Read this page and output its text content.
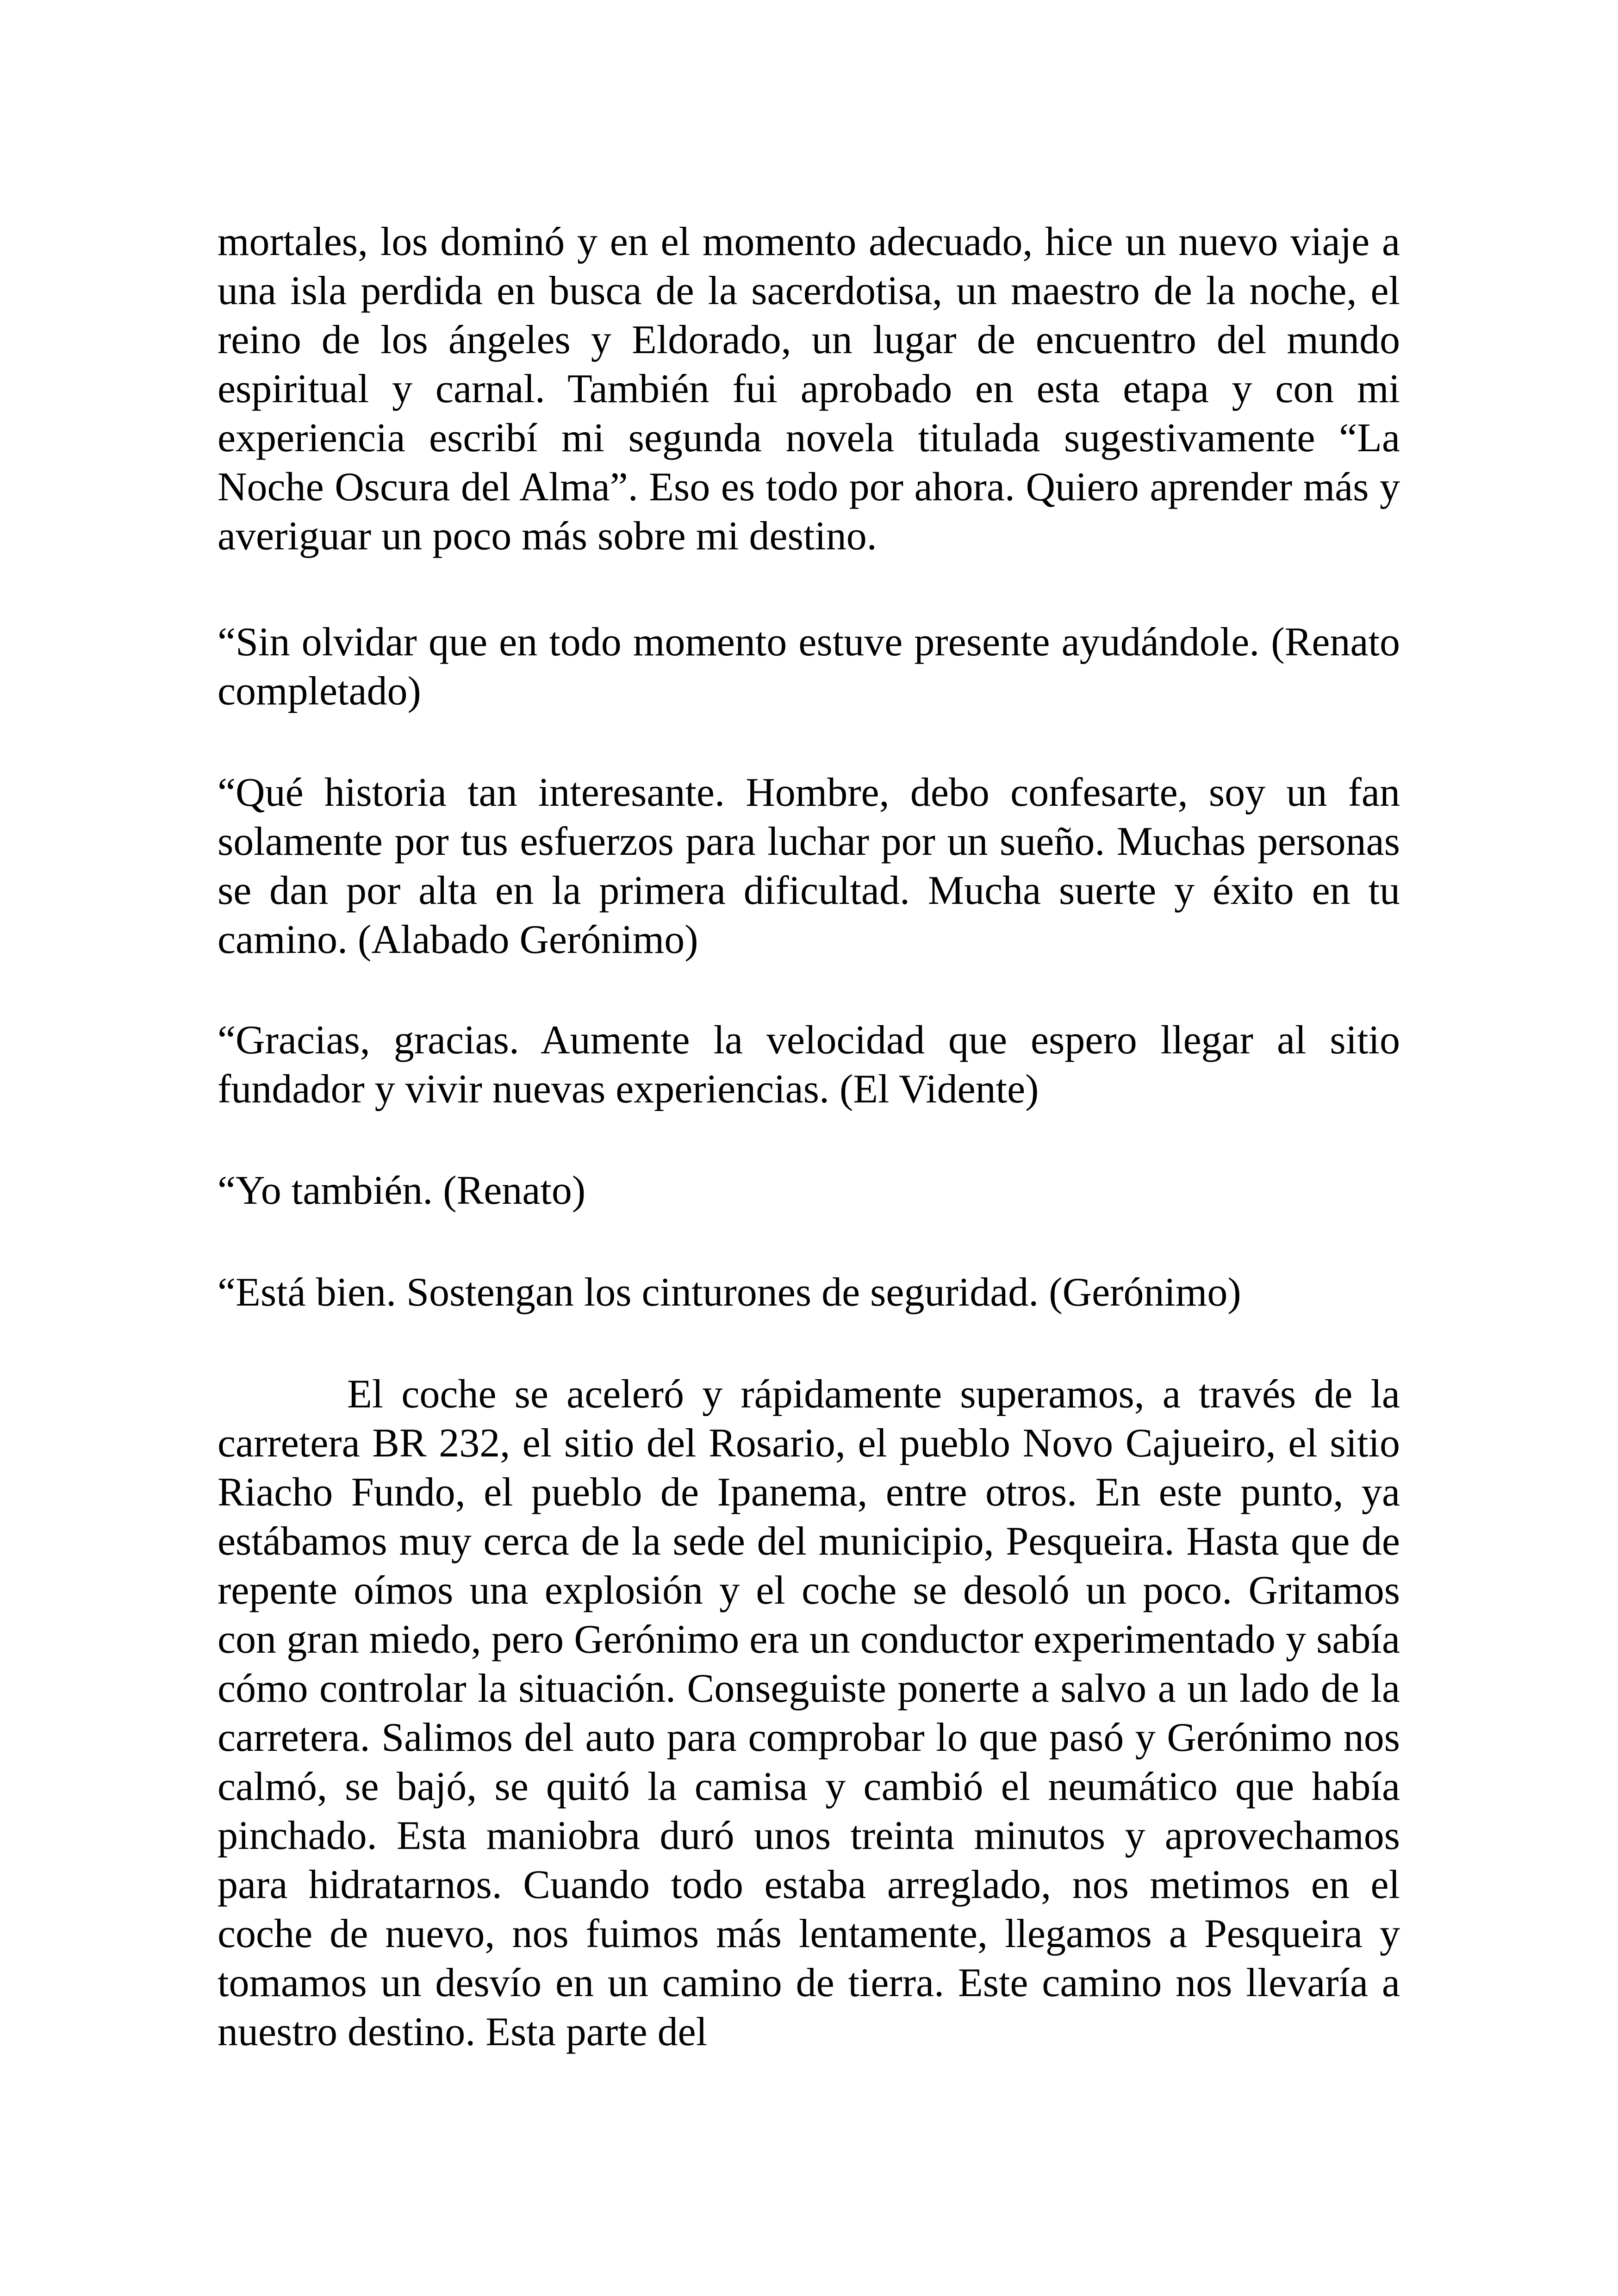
mortales, los dominó y en el momento adecuado, hice un nuevo viaje a una isla perdida en busca de la sacerdotisa, un maestro de la noche, el reino de los ángeles y Eldorado, un lugar de encuentro del mundo espiritual y carnal. También fui aprobado en esta etapa y con mi experiencia escribí mi segunda novela titulada sugestivamente “La Noche Oscura del Alma”. Eso es todo por ahora. Quiero aprender más y averiguar un poco más sobre mi destino.

“Sin olvidar que en todo momento estuve presente ayudándole. (Renato completado)

“Qué historia tan interesante. Hombre, debo confesarte, soy un fan solamente por tus esfuerzos para luchar por un sueño. Muchas personas se dan por alta en la primera dificultad. Mucha suerte y éxito en tu camino. (Alabado Gerónimo)

“Gracias, gracias. Aumente la velocidad que espero llegar al sitio fundador y vivir nuevas experiencias. (El Vidente)

“Yo también. (Renato)

“Está bien. Sostengan los cinturones de seguridad. (Gerónimo)

El coche se aceleró y rápidamente superamos, a través de la carretera BR 232, el sitio del Rosario, el pueblo Novo Cajueiro, el sitio Riacho Fundo, el pueblo de Ipanema, entre otros. En este punto, ya estábamos muy cerca de la sede del municipio, Pesqueira. Hasta que de repente oímos una explosión y el coche se desoló un poco. Gritamos con gran miedo, pero Gerónimo era un conductor experimentado y sabía cómo controlar la situación. Conseguiste ponerte a salvo a un lado de la carretera. Salimos del auto para comprobar lo que pasó y Gerónimo nos calmó, se bajó, se quitó la camisa y cambió el neumático que había pinchado. Esta maniobra duró unos treinta minutos y aprovechamos para hidratarnos. Cuando todo estaba arreglado, nos metimos en el coche de nuevo, nos fuimos más lentamente, llegamos a Pesqueira y tomamos un desvío en un camino de tierra. Este camino nos llevaría a nuestro destino. Esta parte del
